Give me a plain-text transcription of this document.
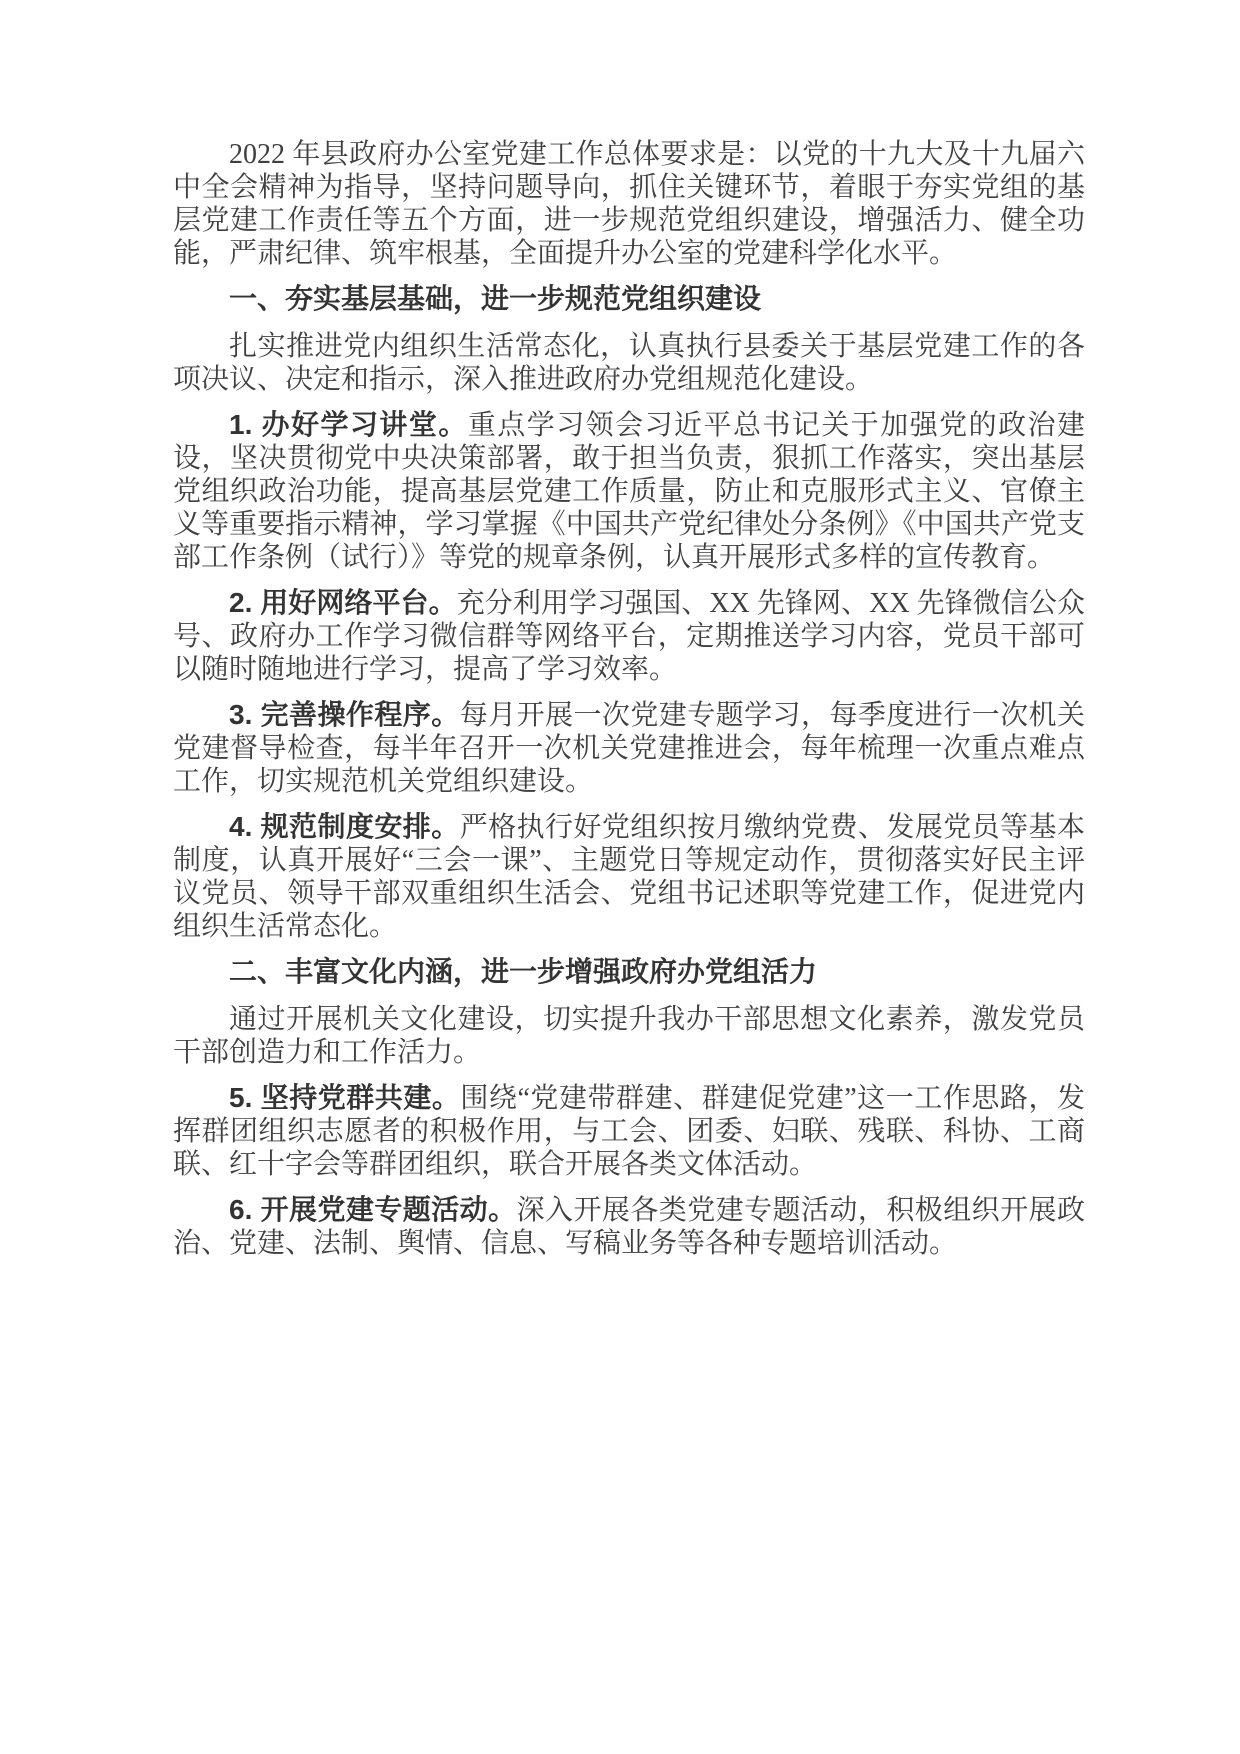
2022 年县政府办公室党建工作总体要求是：以党的十九大及十九届六中全会精神为指导，坚持问题导向，抓住关键环节，着眼于夯实党组的基层党建工作责任等五个方面，进一步规范党组织建设，增强活力、健全功能，严肃纪律、筑牢根基，全面提升办公室的党建科学化水平。

一、夯实基层基础，进一步规范党组织建设

扎实推进党内组织生活常态化，认真执行县委关于基层党建工作的各项决议、决定和指示，深入推进政府办党组规范化建设。

1. 办好学习讲堂。重点学习领会习近平总书记关于加强党的政治建设，坚决贯彻党中央决策部署，敢于担当负责，狠抓工作落实，突出基层党组织政治功能，提高基层党建工作质量，防止和克服形式主义、官僚主义等重要指示精神，学习掌握《中国共产党纪律处分条例》《中国共产党支部工作条例（试行）》等党的规章条例，认真开展形式多样的宣传教育。

2. 用好网络平台。充分利用学习强国、XX 先锋网、XX 先锋微信公众号、政府办工作学习微信群等网络平台，定期推送学习内容，党员干部可以随时随地进行学习，提高了学习效率。

3. 完善操作程序。每月开展一次党建专题学习，每季度进行一次机关党建督导检查，每半年召开一次机关党建推进会，每年梳理一次重点难点工作，切实规范机关党组织建设。

4. 规范制度安排。严格执行好党组织按月缴纳党费、发展党员等基本制度，认真开展好“三会一课”、主题党日等规定动作，贯彻落实好民主评议党员、领导干部双重组织生活会、党组书记述职等党建工作，促进党内组织生活常态化。

二、丰富文化内涵，进一步增强政府办党组活力

通过开展机关文化建设，切实提升我办干部思想文化素养，激发党员干部创造力和工作活力。

5. 坚持党群共建。围绕“党建带群建、群建促党建”这一工作思路，发挥群团组织志愿者的积极作用，与工会、团委、妇联、残联、科协、工商联、红十字会等群团组织，联合开展各类文体活动。

6. 开展党建专题活动。深入开展各类党建专题活动，积极组织开展政治、党建、法制、舆情、信息、写稿业务等各种专题培训活动。
